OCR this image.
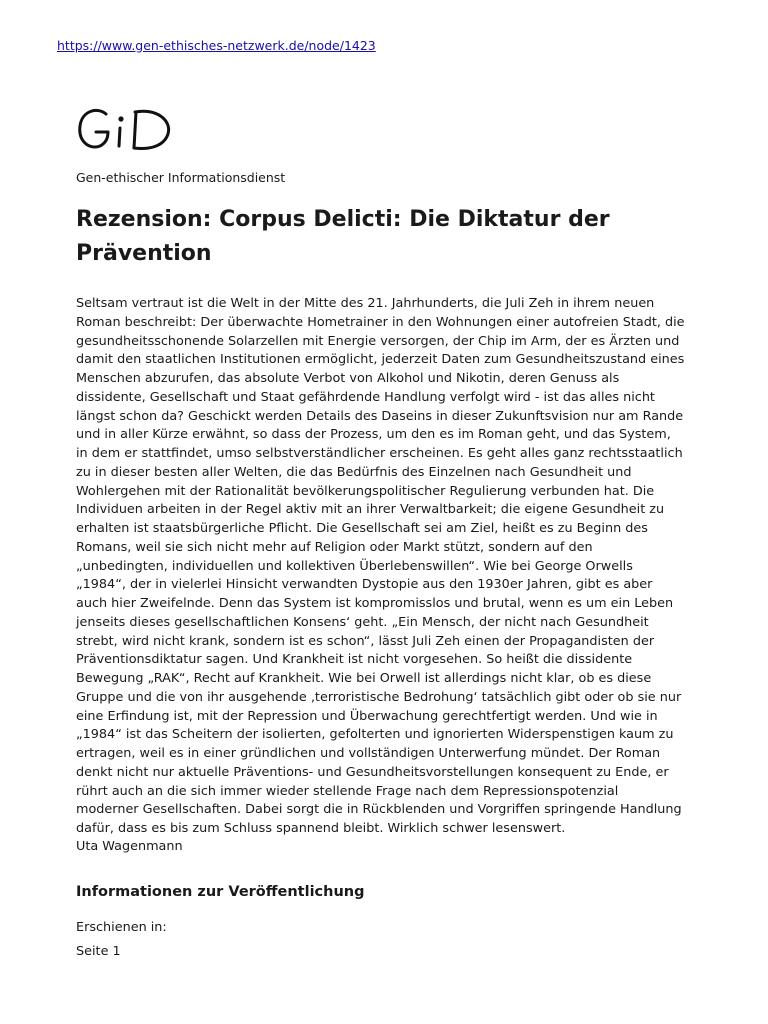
https://www.gen-ethisches-netzwerk.de/node/1423
Gen-ethischer Informationsdienst
Rezension: Corpus Delicti: Die Diktatur der Prävention

Seltsam vertraut ist die Welt in der Mitte des 21. Jahrhunderts, die Juli Zeh in ihrem neuen
Roman beschreibt: Der überwachte Hometrainer in den Wohnungen einer autofreien Stadt, die
gesundheitsschonende Solarzellen mit Energie versorgen, der Chip im Arm, der es Ärzten und
damit den staatlichen Institutionen ermöglicht, jederzeit Daten zum Gesundheitszustand eines
Menschen abzurufen, das absolute Verbot von Alkohol und Nikotin, deren Genuss als
dissidente, Gesellschaft und Staat gefährdende Handlung verfolgt wird - ist das alles nicht
längst schon da? Geschickt werden Details des Daseins in dieser Zukunftsvision nur am Rande
und in aller Kürze erwähnt, so dass der Prozess, um den es im Roman geht, und das System,
in dem er stattfindet, umso selbstverständlicher erscheinen. Es geht alles ganz rechtsstaatlich
zu in dieser besten aller Welten, die das Bedürfnis des Einzelnen nach Gesundheit und
Wohlergehen mit der Rationalität bevölkerungspolitischer Regulierung verbunden hat. Die
Individuen arbeiten in der Regel aktiv mit an ihrer Verwaltbarkeit; die eigene Gesundheit zu
erhalten ist staatsbürgerliche Pflicht. Die Gesellschaft sei am Ziel, heißt es zu Beginn des
Romans, weil sie sich nicht mehr auf Religion oder Markt stützt, sondern auf den
„unbedingten, individuellen und kollektiven Überlebenswillen“. Wie bei George Orwells
„1984“, der in vielerlei Hinsicht verwandten Dystopie aus den 1930er Jahren, gibt es aber
auch hier Zweifelnde. Denn das System ist kompromisslos und brutal, wenn es um ein Leben
jenseits dieses gesellschaftlichen Konsens‘ geht. „Ein Mensch, der nicht nach Gesundheit
strebt, wird nicht krank, sondern ist es schon“, lässt Juli Zeh einen der Propagandisten der
Präventionsdiktatur sagen. Und Krankheit ist nicht vorgesehen. So heißt die dissidente
Bewegung „RAK“, Recht auf Krankheit. Wie bei Orwell ist allerdings nicht klar, ob es diese
Gruppe und die von ihr ausgehende ‚terroristische Bedrohung‘ tatsächlich gibt oder ob sie nur
eine Erfindung ist, mit der Repression und Überwachung gerechtfertigt werden. Und wie in
„1984“ ist das Scheitern der isolierten, gefolterten und ignorierten Widerspenstigen kaum zu
ertragen, weil es in einer gründlichen und vollständigen Unterwerfung mündet. Der Roman
denkt nicht nur aktuelle Präventions- und Gesundheitsvorstellungen konsequent zu Ende, er
rührt auch an die sich immer wieder stellende Frage nach dem Repressionspotenzial
moderner Gesellschaften. Dabei sorgt die in Rückblenden und Vorgriffen springende Handlung
dafür, dass es bis zum Schluss spannend bleibt. Wirklich schwer lesenswert.

Uta Wagenmann
Informationen zur Veröffentlichung
Erschienen in:
Seite 1
